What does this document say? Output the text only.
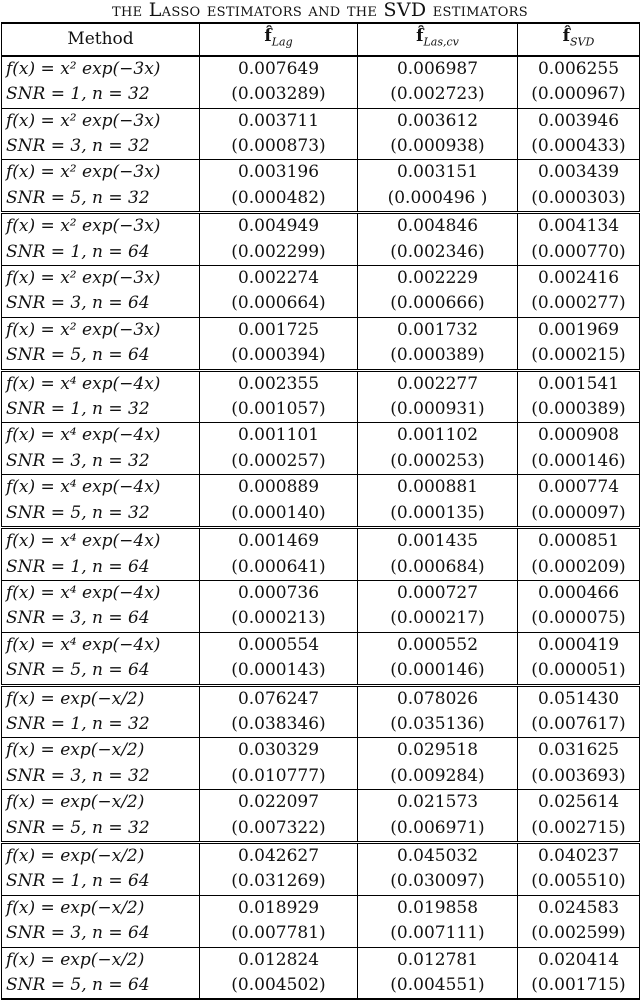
the Lasso estimators and the SVD estimators
Method	$f̂_{Lag}$	$f̂_{Las,cv}$	$f̂_{SVD}$
f(x) = x² exp(−3x)	0.007649	0.006987	0.006255
SNR = 1, n = 32	(0.003289)	(0.002723)	(0.000967)
f(x) = x² exp(−3x)	0.003711	0.003612	0.003946
SNR = 3, n = 32	(0.000873)	(0.000938)	(0.000433)
f(x) = x² exp(−3x)	0.003196	0.003151	0.003439
SNR = 5, n = 32	(0.000482)	(0.000496 )	(0.000303)
f(x) = x² exp(−3x)	0.004949	0.004846	0.004134
SNR = 1, n = 64	(0.002299)	(0.002346)	(0.000770)
f(x) = x² exp(−3x)	0.002274	0.002229	0.002416
SNR = 3, n = 64	(0.000664)	(0.000666)	(0.000277)
f(x) = x² exp(−3x)	0.001725	0.001732	0.001969
SNR = 5, n = 64	(0.000394)	(0.000389)	(0.000215)
f(x) = x⁴ exp(−4x)	0.002355	0.002277	0.001541
SNR = 1, n = 32	(0.001057)	(0.000931)	(0.000389)
f(x) = x⁴ exp(−4x)	0.001101	0.001102	0.000908
SNR = 3, n = 32	(0.000257)	(0.000253)	(0.000146)
f(x) = x⁴ exp(−4x)	0.000889	0.000881	0.000774
SNR = 5, n = 32	(0.000140)	(0.000135)	(0.000097)
f(x) = x⁴ exp(−4x)	0.001469	0.001435	0.000851
SNR = 1, n = 64	(0.000641)	(0.000684)	(0.000209)
f(x) = x⁴ exp(−4x)	0.000736	0.000727	0.000466
SNR = 3, n = 64	(0.000213)	(0.000217)	(0.000075)
f(x) = x⁴ exp(−4x)	0.000554	0.000552	0.000419
SNR = 5, n = 64	(0.000143)	(0.000146)	(0.000051)
f(x) = exp(−x/2)	0.076247	0.078026	0.051430
SNR = 1, n = 32	(0.038346)	(0.035136)	(0.007617)
f(x) = exp(−x/2)	0.030329	0.029518	0.031625
SNR = 3, n = 32	(0.010777)	(0.009284)	(0.003693)
f(x) = exp(−x/2)	0.022097	0.021573	0.025614
SNR = 5, n = 32	(0.007322)	(0.006971)	(0.002715)
f(x) = exp(−x/2)	0.042627	0.045032	0.040237
SNR = 1, n = 64	(0.031269)	(0.030097)	(0.005510)
f(x) = exp(−x/2)	0.018929	0.019858	0.024583
SNR = 3, n = 64	(0.007781)	(0.007111)	(0.002599)
f(x) = exp(−x/2)	0.012824	0.012781	0.020414
SNR = 5, n = 64	(0.004502)	(0.004551)	(0.001715)
